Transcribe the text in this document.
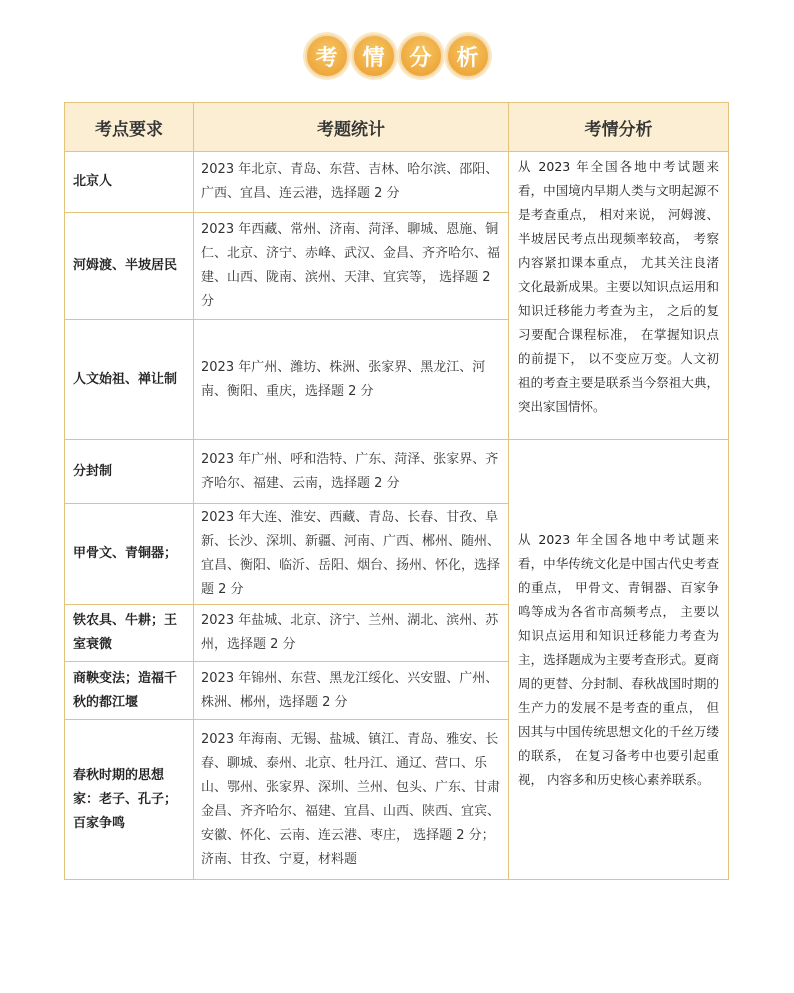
考	情	分	析
考点要求	考题统计	考情分析
北京人	2023 年北京、青岛、东营、吉林、哈尔滨、邵阳、广西、宜昌、连云港，选择题 2 分	从 2023 年全国各地中考试题来看，中国境内早期人类与文明起源不是考查重点， 相对来说， 河姆渡、半坡居民考点出现频率较高， 考察内容紧扣课本重点， 尤其关注良渚文化最新成果。主要以知识点运用和知识迁移能力考查为主， 之后的复习要配合课程标准， 在掌握知识点的前提下， 以不变应万变。人文初祖的考查主要是联系当今祭祖大典，突出家国情怀。
河姆渡、半坡居民	2023 年西藏、常州、济南、菏泽、聊城、恩施、铜仁、北京、济宁、赤峰、武汉、金昌、齐齐哈尔、福建、山西、陇南、滨州、天津、宜宾等， 选择题 2 分	
人文始祖、禅让制	2023 年广州、潍坊、株洲、张家界、黑龙江、河南、衡阳、重庆，选择题 2 分	
分封制	2023 年广州、呼和浩特、广东、菏泽、张家界、齐齐哈尔、福建、云南，选择题 2 分	从 2023 年全国各地中考试题来看，中华传统文化是中国古代史考查的重点， 甲骨文、青铜器、百家争鸣等成为各省市高频考点， 主要以知识点运用和知识迁移能力考查为主，选择题成为主要考查形式。夏商周的更替、分封制、春秋战国时期的生产力的发展不是考查的重点， 但因其与中国传统思想文化的千丝万缕的联系， 在复习备考中也要引起重视， 内容多和历史核心素养联系。
甲骨文、青铜器；	2023 年大连、淮安、西藏、青岛、长春、甘孜、阜新、长沙、深圳、新疆、河南、广西、郴州、随州、宜昌、衡阳、临沂、岳阳、烟台、扬州、怀化，选择题 2 分	
铁农具、牛耕；王室衰微	2023 年盐城、北京、济宁、兰州、湖北、滨州、苏州，选择题 2 分	
商鞅变法；造福千秋的都江堰	2023 年锦州、东营、黑龙江绥化、兴安盟、广州、株洲、郴州，选择题 2 分	
春秋时期的思想家：老子、孔子；百家争鸣	2023 年海南、无锡、盐城、镇江、青岛、雅安、长春、聊城、泰州、北京、牡丹江、通辽、营口、乐山、鄂州、张家界、深圳、兰州、包头、广东、甘肃金昌、齐齐哈尔、福建、宜昌、山西、陕西、宜宾、安徽、怀化、云南、连云港、枣庄， 选择题 2 分；济南、甘孜、宁夏，材料题	
